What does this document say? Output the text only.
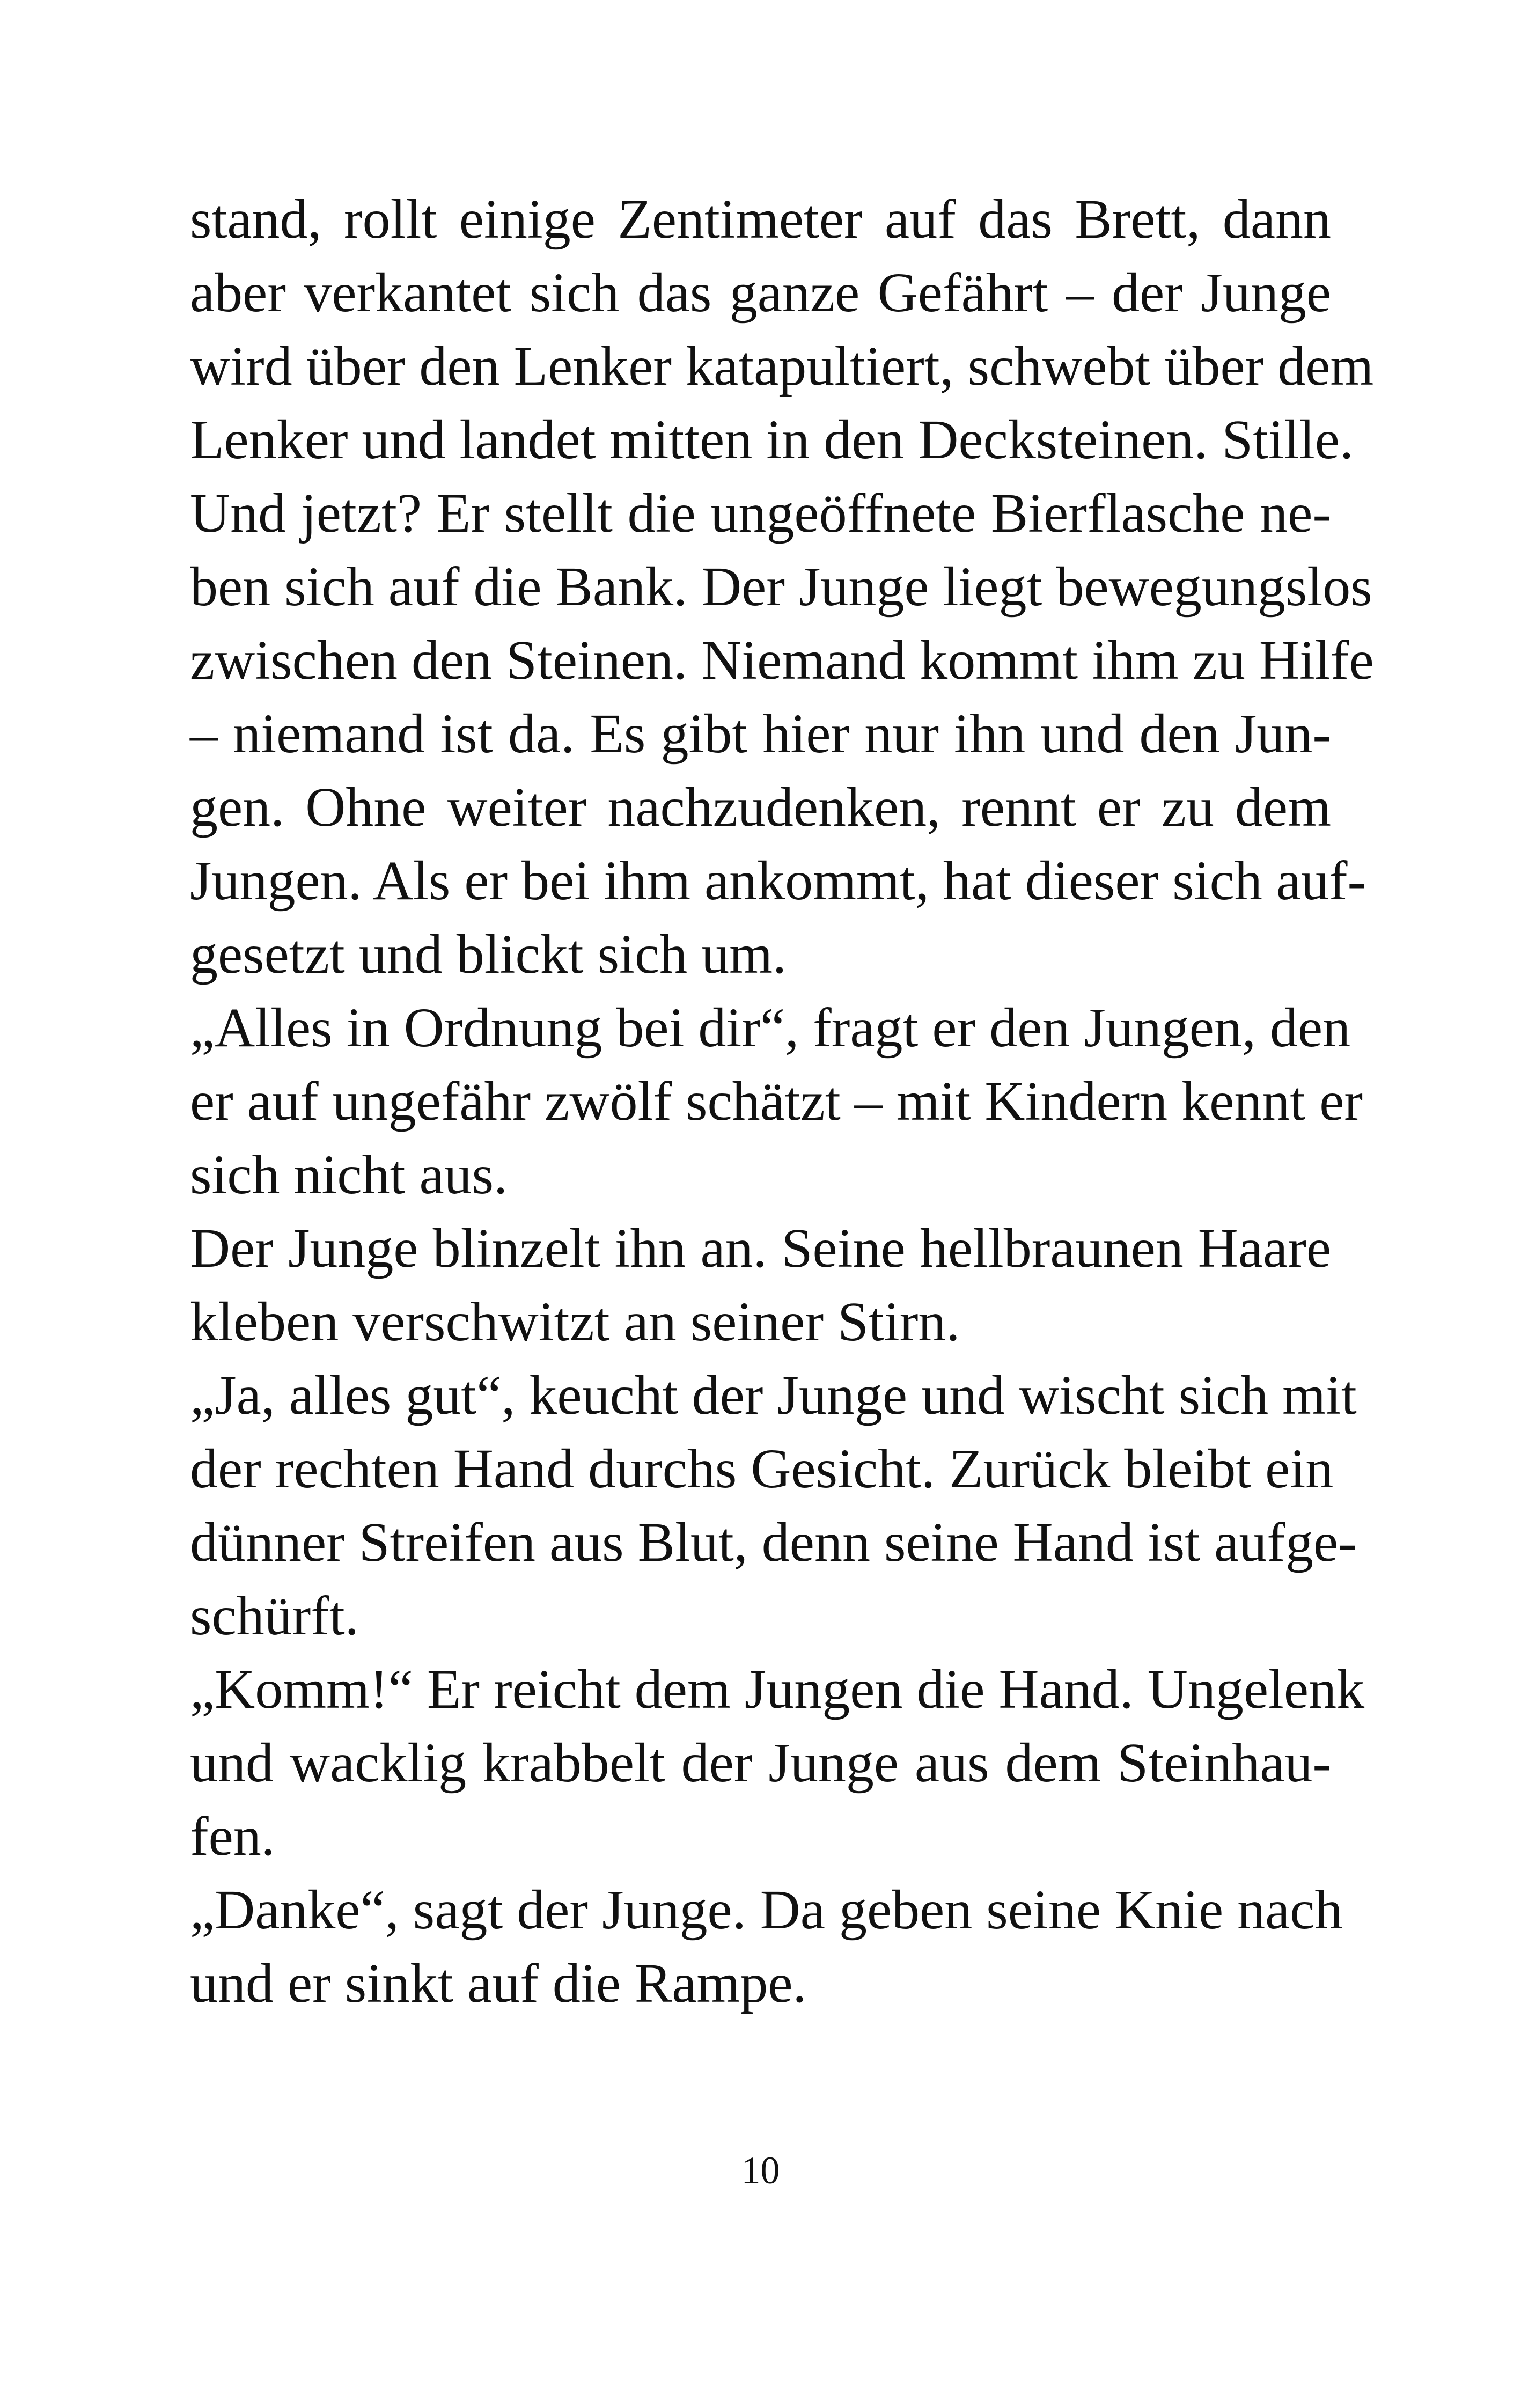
stand, rollt einige Zentimeter auf das Brett, dann
aber verkantet sich das ganze Gefährt – der Junge
wird über den Lenker katapultiert, schwebt über dem
Lenker und landet mitten in den Decksteinen. Stille.
Und jetzt? Er stellt die ungeöffnete Bierflasche ne-
ben sich auf die Bank. Der Junge liegt bewegungslos
zwischen den Steinen. Niemand kommt ihm zu Hilfe
– niemand ist da. Es gibt hier nur ihn und den Jun-
gen. Ohne weiter nachzudenken, rennt er zu dem
Jungen. Als er bei ihm ankommt, hat dieser sich auf-
gesetzt und blickt sich um.
„Alles in Ordnung bei dir“, fragt er den Jungen, den
er auf ungefähr zwölf schätzt – mit Kindern kennt er
sich nicht aus.
Der Junge blinzelt ihn an. Seine hellbraunen Haare
kleben verschwitzt an seiner Stirn.
„Ja, alles gut“, keucht der Junge und wischt sich mit
der rechten Hand durchs Gesicht. Zurück bleibt ein
dünner Streifen aus Blut, denn seine Hand ist aufge-
schürft.
„Komm!“ Er reicht dem Jungen die Hand. Ungelenk
und wacklig krabbelt der Junge aus dem Steinhau-
fen.
„Danke“, sagt der Junge. Da geben seine Knie nach
und er sinkt auf die Rampe.
10
